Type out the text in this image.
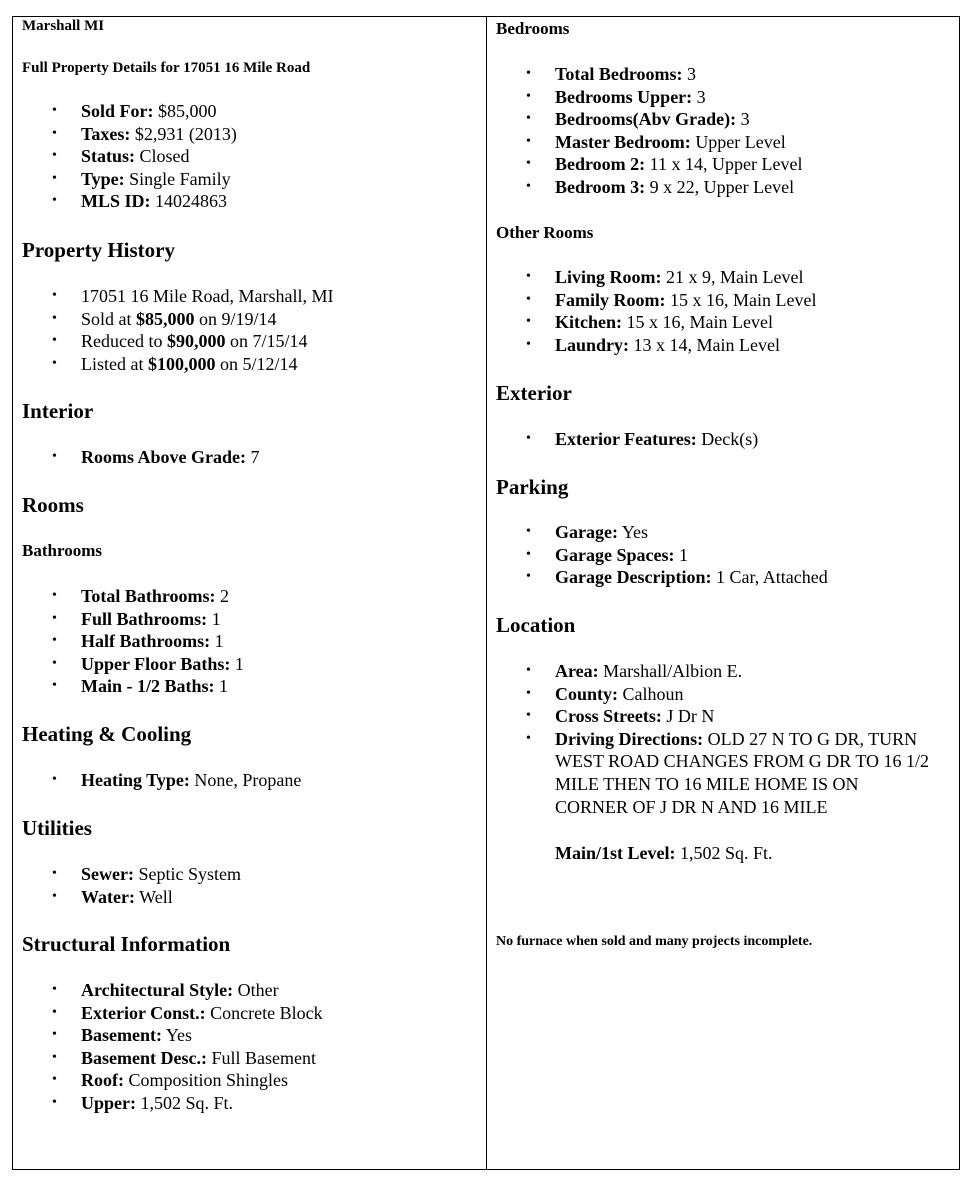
Marshall MI

Full Property Details for 17051 16 Mile Road

• Sold For: $85,000
• Taxes: $2,931 (2013)
• Status: Closed
• Type: Single Family
• MLS ID: 14024863

Property History

• 17051 16 Mile Road, Marshall, MI
• Sold at $85,000 on 9/19/14
• Reduced to $90,000 on 7/15/14
• Listed at $100,000 on 5/12/14

Interior

• Rooms Above Grade: 7

Rooms

Bathrooms

• Total Bathrooms: 2
• Full Bathrooms: 1
• Half Bathrooms: 1
• Upper Floor Baths: 1
• Main - 1/2 Baths: 1

Heating & Cooling

• Heating Type: None, Propane

Utilities

• Sewer: Septic System
• Water: Well

Structural Information

• Architectural Style: Other
• Exterior Const.: Concrete Block
• Basement: Yes
• Basement Desc.: Full Basement
• Roof: Composition Shingles
• Upper: 1,502 Sq. Ft.

Bedrooms

• Total Bedrooms: 3
• Bedrooms Upper: 3
• Bedrooms(Abv Grade): 3
• Master Bedroom: Upper Level
• Bedroom 2: 11 x 14, Upper Level
• Bedroom 3: 9 x 22, Upper Level

Other Rooms

• Living Room: 21 x 9, Main Level
• Family Room: 15 x 16, Main Level
• Kitchen: 15 x 16, Main Level
• Laundry: 13 x 14, Main Level

Exterior

• Exterior Features: Deck(s)

Parking

• Garage: Yes
• Garage Spaces: 1
• Garage Description: 1 Car, Attached

Location

• Area: Marshall/Albion E.
• County: Calhoun
• Cross Streets: J Dr N
• Driving Directions: OLD 27 N TO G DR, TURN WEST ROAD CHANGES FROM G DR TO 16 1/2 MILE THEN TO 16 MILE HOME IS ON CORNER OF J DR N AND 16 MILE
Main/1st Level: 1,502 Sq. Ft.

No furnace when sold and many projects incomplete.
